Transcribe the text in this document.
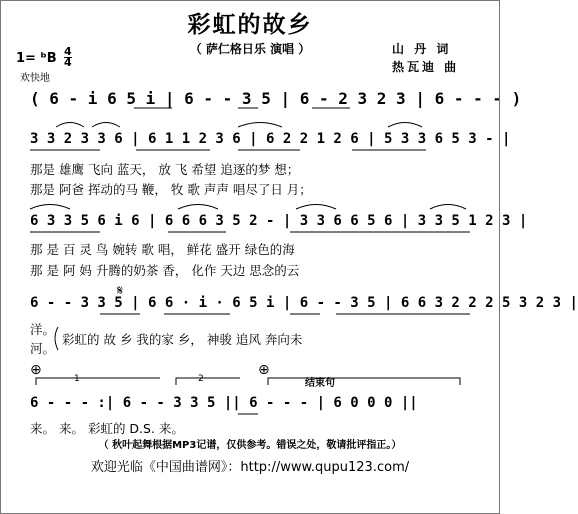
彩虹的故乡
（ 萨仁格日乐 演唱 ）	山 丹 词
热瓦迪 曲
1= ᵇB 4
4
欢快地
( 6 - i 6 5 i | 6 - - 3 5 | 6 - 2 3 2 3 | 6 - - - )
3 3 2 3 3 6 | 6 1 1 2 3 6 | 6 2 2 1 2 6 | 5 3 3 6 5 3 - |
那是 雄鹰 飞向 蓝天， 放 飞 希望 追逐的梦 想；
那是 阿爸 挥动的马 鞭， 牧 歌 声声 唱尽了日 月；
6 3 3 5 6 i 6 | 6 6 6 3 5 2 - | 3 3 6 6 5 6 | 3 3 5 1 2 3 |
那 是 百 灵 鸟 婉转 歌 唱， 鲜花 盛开 绿色的海
那 是 阿 妈 升腾的奶茶 香， 化作 天边 思念的云
𝄋
6 - - 3 3 5 | 6 6 · i · 6 5 i | 6 - - 3 5 | 6 6 3 2 2 2 5 3 2 3 |
洋。
河。
彩虹的 故 乡 我的家 乡， 神骏 追风 奔向未
⊕	⊕
1	2	结束句
6 - - - :| 6 - - 3 3 5 || 6 - - - | 6 0 0 0 ||
来。 来。 彩虹的 D.S. 来。
（ 秋叶起舞根据MP3记谱，仅供参考。错误之处，敬请批评指正。）
欢迎光临《中国曲谱网》：http://www.qupu123.com/
